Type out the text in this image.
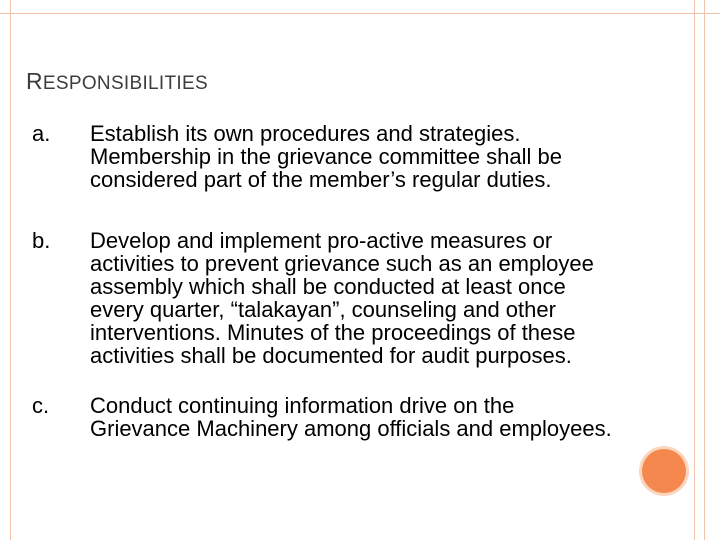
RESPONSIBILITIES
a.	Establish its own procedures and strategies.
Membership in the grievance committee shall be
considered part of the member’s regular duties.
b.	Develop and implement pro-active measures or
activities to prevent grievance such as an employee
assembly which shall be conducted at least once
every quarter, “talakayan”, counseling and other
interventions. Minutes of the proceedings of these
activities shall be documented for audit purposes.
c.	Conduct continuing information drive on the
Grievance Machinery among officials and employees.
